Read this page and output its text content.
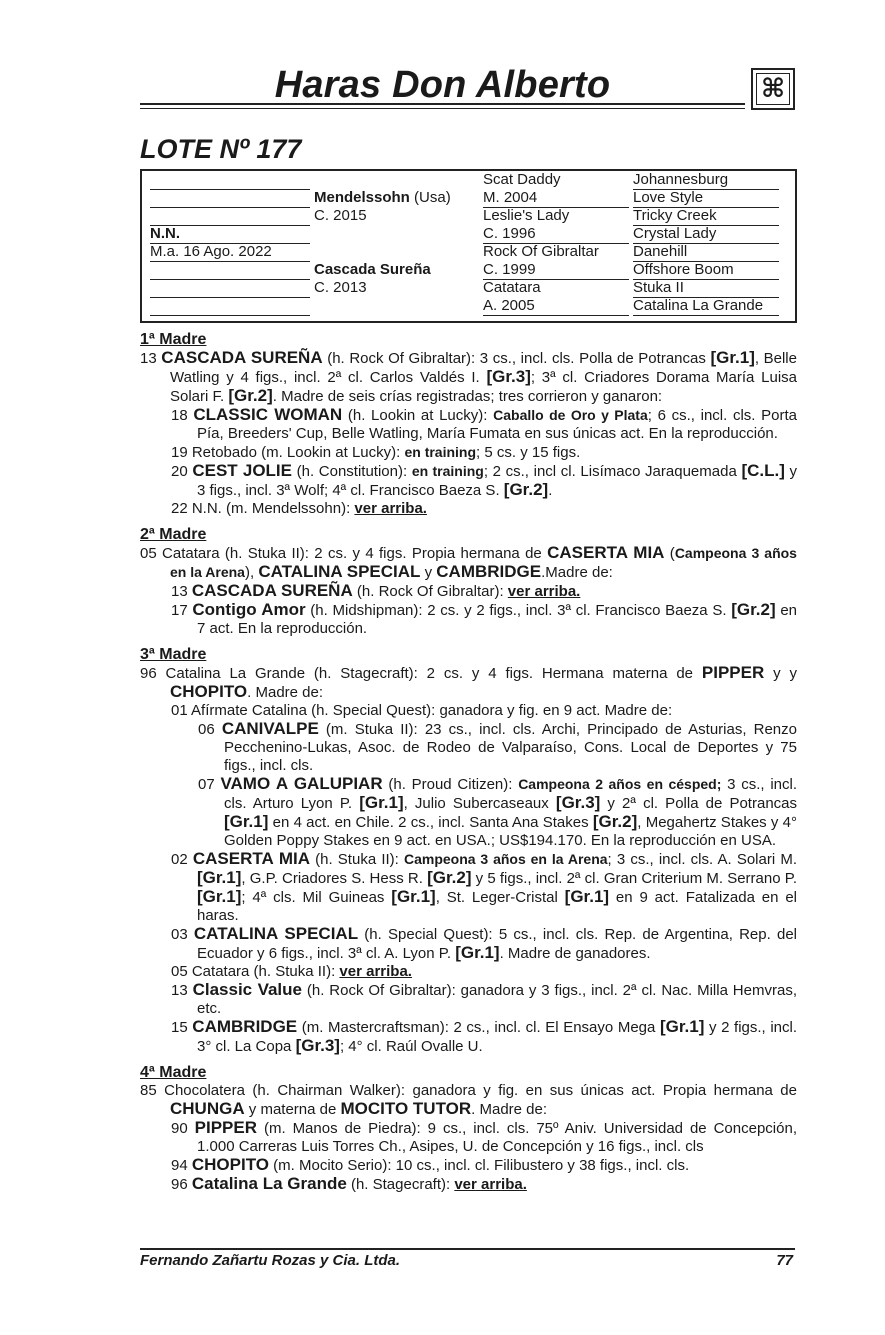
Haras Don Alberto	⌘
LOTE Nº 177
N.N.
M.a. 16 Ago. 2022
Mendelssohn (Usa)
C. 2015
Cascada Sureña
C. 2013
Scat Daddy
M. 2004
Leslie's Lady
C. 1996
Rock Of Gibraltar
C. 1999
Catatara
A. 2005
Johannesburg
Love Style
Tricky Creek
Crystal Lady
Danehill
Offshore Boom
Stuka II
Catalina La Grande
1ª Madre
13 CASCADA SUREÑA (h. Rock Of Gibraltar): 3 cs., incl. cls. Polla de Potrancas [Gr.1], Belle Watling y 4 figs., incl. 2ª cl. Carlos Valdés I. [Gr.3]; 3ª cl. Criadores Dorama María Luisa Solari F. [Gr.2]. Madre de seis crías registradas; tres corrieron y ganaron:
18 CLASSIC WOMAN (h. Lookin at Lucky): Caballo de Oro y Plata; 6 cs., incl. cls. Porta Pía, Breeders' Cup, Belle Watling, María Fumata en sus únicas act. En la reproducción.
19 Retobado (m. Lookin at Lucky): en training; 5 cs. y 15 figs.
20 CEST JOLIE (h. Constitution): en training; 2 cs., incl cl. Lisímaco Jaraquemada [C.L.] y 3 figs., incl. 3ª Wolf; 4ª cl. Francisco Baeza S. [Gr.2].
22 N.N. (m. Mendelssohn): ver arriba.
2ª Madre
05 Catatara (h. Stuka II): 2 cs. y 4 figs. Propia hermana de CASERTA MIA (Campeona 3 años en la Arena), CATALINA SPECIAL y CAMBRIDGE.Madre de:
13 CASCADA SUREÑA (h. Rock Of Gibraltar): ver arriba.
17 Contigo Amor (h. Midshipman): 2 cs. y 2 figs., incl. 3ª cl. Francisco Baeza S. [Gr.2] en 7 act. En la reproducción.
3ª Madre
96 Catalina La Grande (h. Stagecraft): 2 cs. y 4 figs. Hermana materna de PIPPER y y CHOPITO. Madre de:
01 Afírmate Catalina (h. Special Quest): ganadora y fig. en 9 act. Madre de:
06 CANIVALPE (m. Stuka II): 23 cs., incl. cls. Archi, Principado de Asturias, Renzo Pecchenino-Lukas, Asoc. de Rodeo de Valparaíso, Cons. Local de Deportes y 75 figs., incl. cls.
07 VAMO A GALUPIAR (h. Proud Citizen): Campeona 2 años en césped; 3 cs., incl. cls. Arturo Lyon P. [Gr.1], Julio Subercaseaux [Gr.3] y 2ª cl. Polla de Potrancas [Gr.1] en 4 act. en Chile. 2 cs., incl. Santa Ana Stakes [Gr.2], Megahertz Stakes y 4° Golden Poppy Stakes en 9 act. en USA.; US$194.170. En la reproducción en USA.
02 CASERTA MIA (h. Stuka II): Campeona 3 años en la Arena; 3 cs., incl. cls. A. Solari M. [Gr.1], G.P. Criadores S. Hess R. [Gr.2] y 5 figs., incl. 2ª cl. Gran Criterium M. Serrano P. [Gr.1]; 4ª cls. Mil Guineas [Gr.1], St. Leger-Cristal [Gr.1] en 9 act. Fatalizada en el haras.
03 CATALINA SPECIAL (h. Special Quest): 5 cs., incl. cls. Rep. de Argentina, Rep. del Ecuador y 6 figs., incl. 3ª cl. A. Lyon P. [Gr.1]. Madre de ganadores.
05 Catatara (h. Stuka II): ver arriba.
13 Classic Value (h. Rock Of Gibraltar): ganadora y 3 figs., incl. 2ª cl. Nac. Milla Hemvras, etc.
15 CAMBRIDGE (m. Mastercraftsman): 2 cs., incl. cl. El Ensayo Mega [Gr.1] y 2 figs., incl. 3° cl. La Copa [Gr.3]; 4° cl. Raúl Ovalle U.
4ª Madre
85 Chocolatera (h. Chairman Walker): ganadora y fig. en sus únicas act. Propia hermana de CHUNGA y materna de MOCITO TUTOR. Madre de:
90 PIPPER (m. Manos de Piedra): 9 cs., incl. cls. 75º Aniv. Universidad de Concepción, 1.000 Carreras Luis Torres Ch., Asipes, U. de Concepción y 16 figs., incl. cls
94 CHOPITO (m. Mocito Serio): 10 cs., incl. cl. Filibustero y 38 figs., incl. cls.
96 Catalina La Grande (h. Stagecraft): ver arriba.
Fernando Zañartu Rozas y Cia. Ltda.	77
